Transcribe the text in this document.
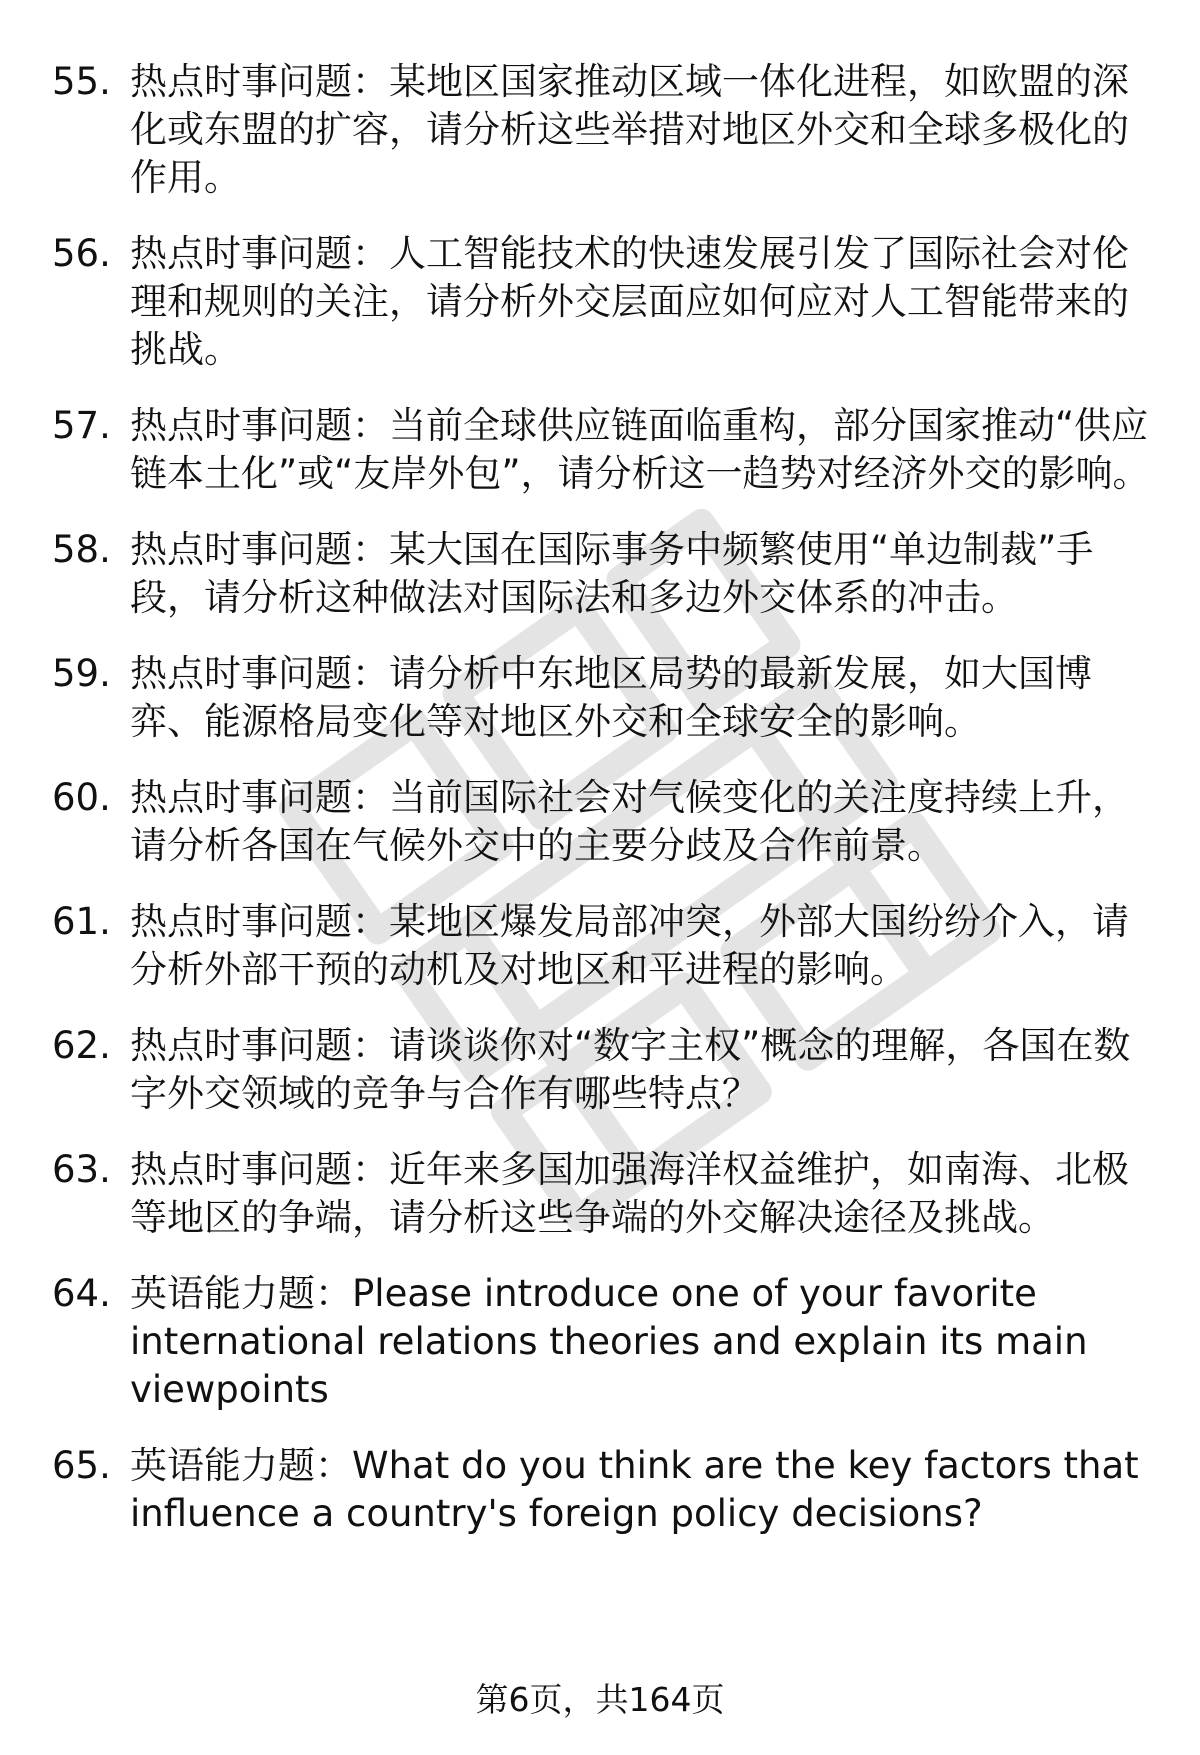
55. 热点时事问题：某地区国家推动区域一体化进程，如欧盟的深化或东盟的扩容，请分析这些举措对地区外交和全球多极化的作用。
56. 热点时事问题：人工智能技术的快速发展引发了国际社会对伦理和规则的关注，请分析外交层面应如何应对人工智能带来的挑战。
57. 热点时事问题：当前全球供应链面临重构，部分国家推动“供应链本土化”或“友岸外包”，请分析这一趋势对经济外交的影响。
58. 热点时事问题：某大国在国际事务中频繁使用“单边制裁”手段，请分析这种做法对国际法和多边外交体系的冲击。
59. 热点时事问题：请分析中东地区局势的最新发展，如大国博弈、能源格局变化等对地区外交和全球安全的影响。
60. 热点时事问题：当前国际社会对气候变化的关注度持续上升，请分析各国在气候外交中的主要分歧及合作前景。
61. 热点时事问题：某地区爆发局部冲突，外部大国纷纷介入，请分析外部干预的动机及对地区和平进程的影响。
62. 热点时事问题：请谈谈你对“数字主权”概念的理解，各国在数字外交领域的竞争与合作有哪些特点？
63. 热点时事问题：近年来多国加强海洋权益维护，如南海、北极等地区的争端，请分析这些争端的外交解决途径及挑战。
64. 英语能力题：Please introduce one of your favorite international relations theories and explain its main viewpoints
65. 英语能力题：What do you think are the key factors that influence a country's foreign policy decisions?
第6页，共164页
